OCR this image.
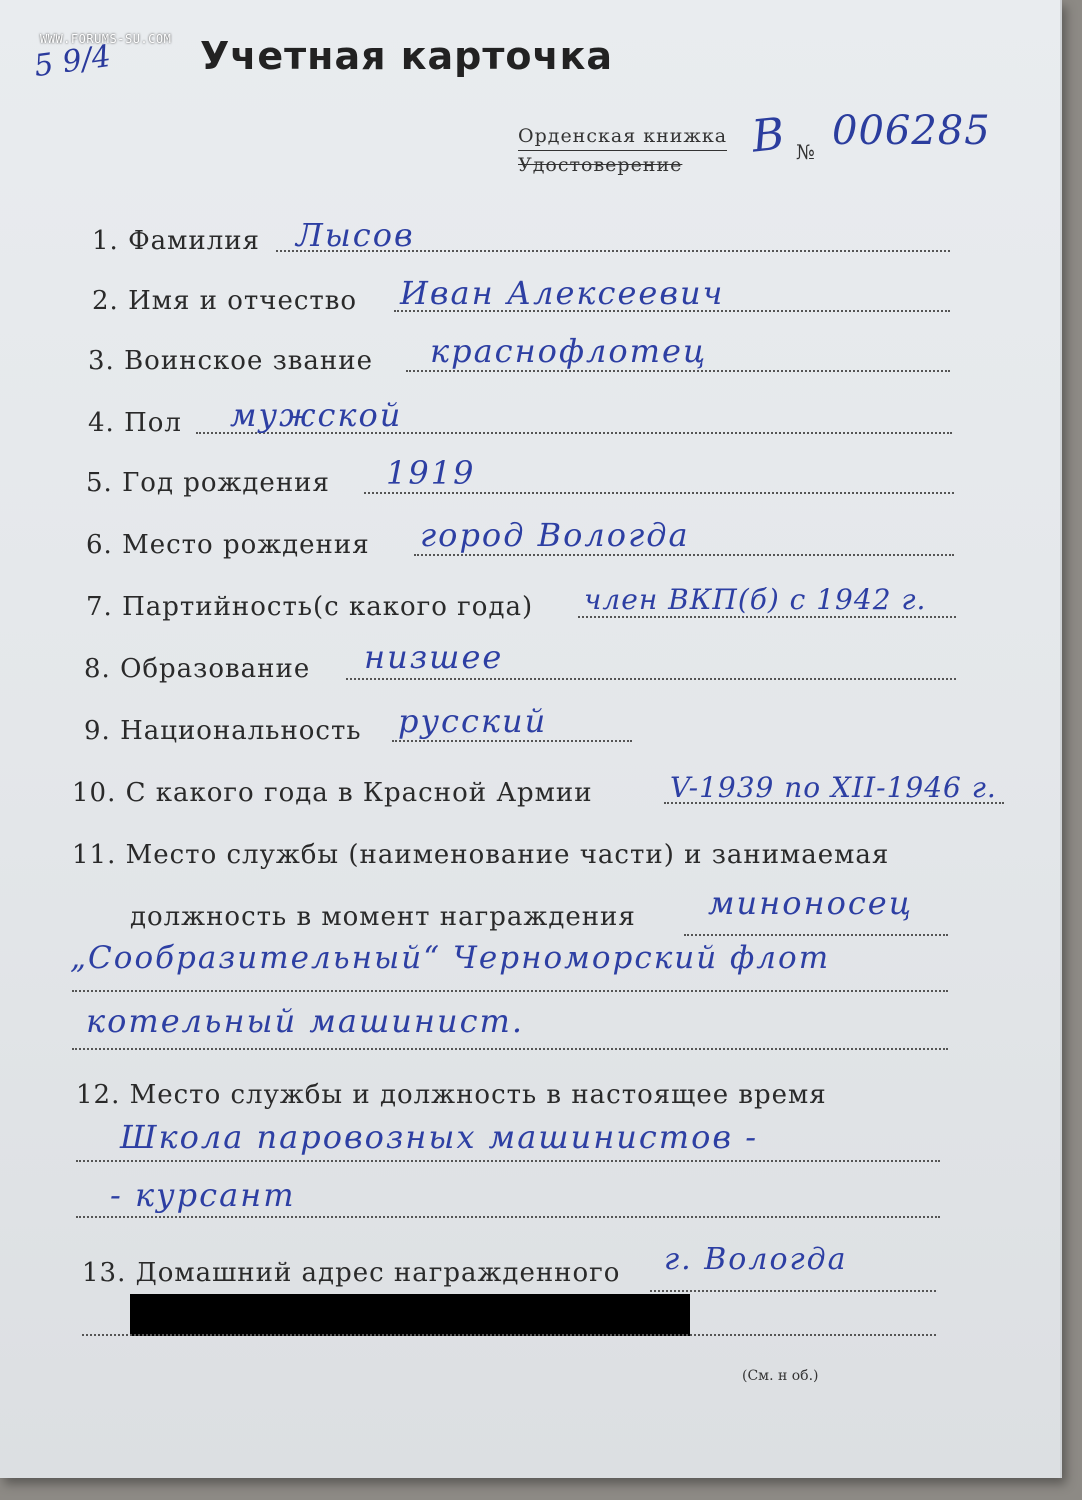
WWW.FORUMS-SU.COM
5 9/4 Учетная карточка
Орденская книжка
Удостоверение
В № 006285
1. Фамилия Лысов
2. Имя и отчество Иван Алексеевич
3. Воинское звание краснофлотец
4. Пол мужской
5. Год рождения 1919
6. Место рождения город Вологда
7. Партийность(с какого года) член ВКП(б) с 1942 г.
8. Образование низшее
9. Национальность русский
10. С какого года в Красной Армии	V-1939 по XII-1946 г.
11. Место службы (наименование части) и занимаемая
должность в момент награждения миноносец
„Сообразительный“ Черноморский флот
котельный машинист.
12. Место службы и должность в настоящее время
Школа паровозных машинистов -
- курсант
13. Домашний адрес награжденного г. Вологда
(См. н об.)
